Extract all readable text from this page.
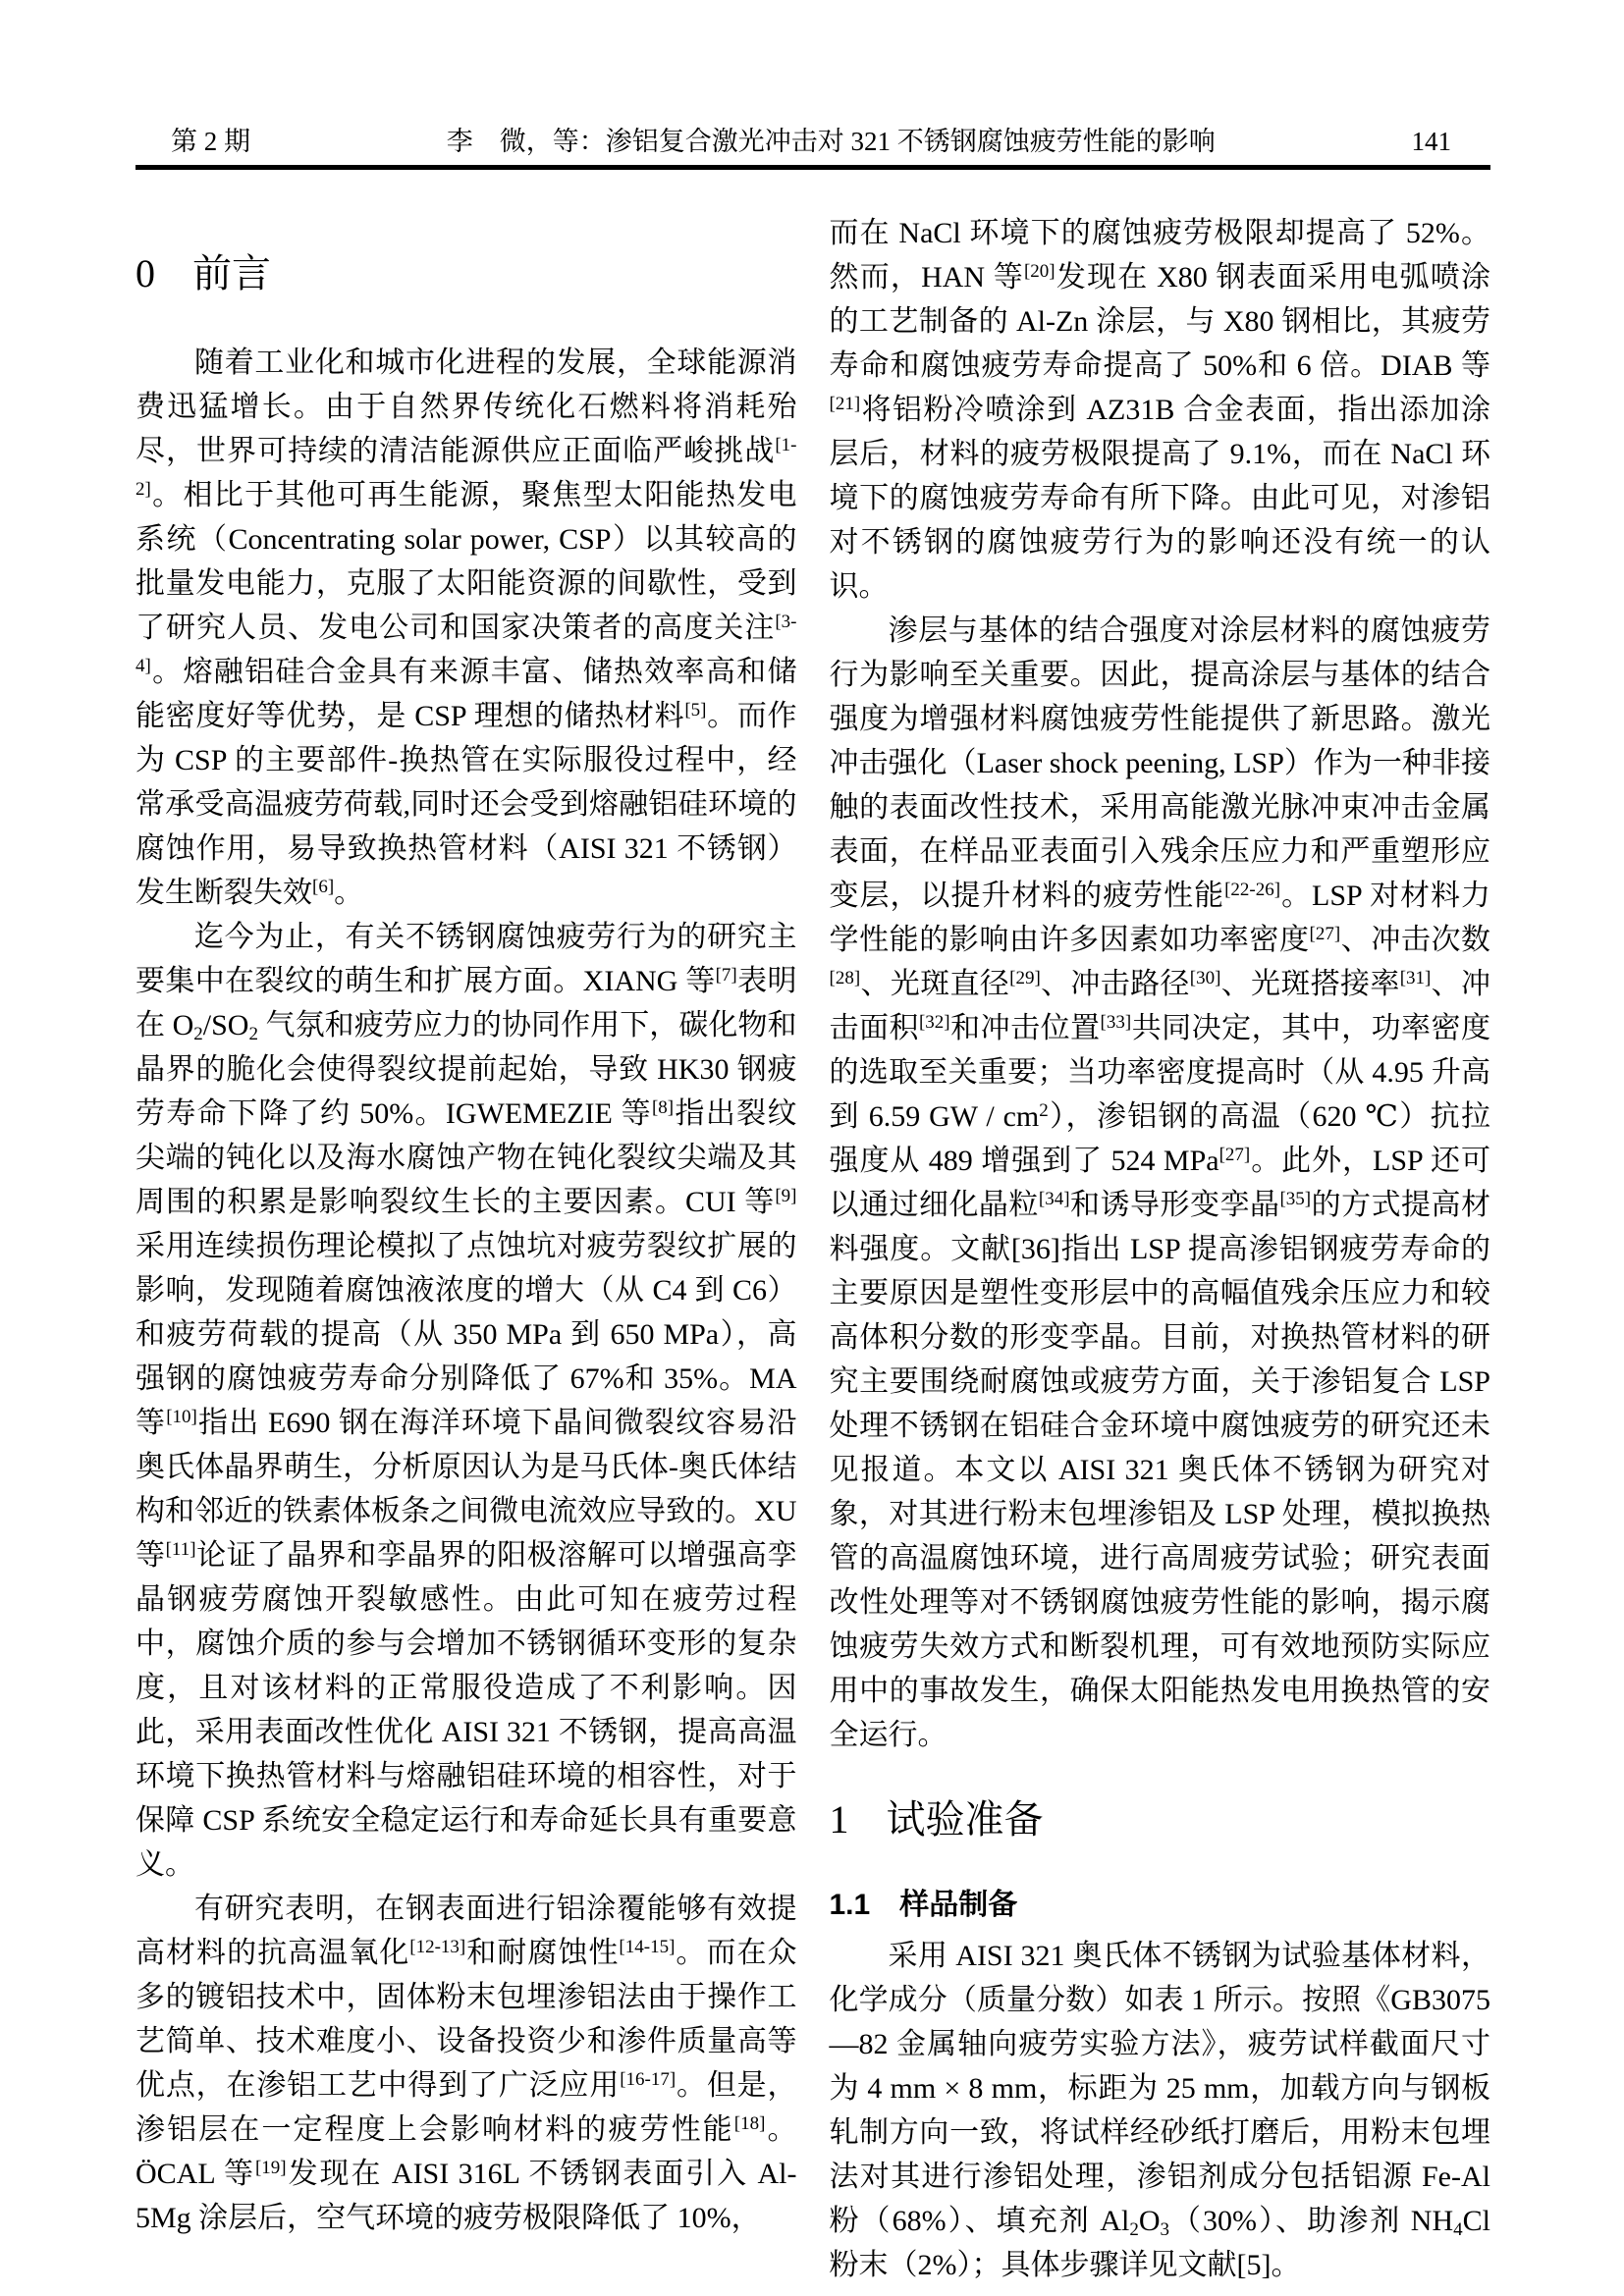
第 2 期	李　微，等：渗铝复合激光冲击对 321 不锈钢腐蚀疲劳性能的影响	141
0 前言

随着工业化和城市化进程的发展，全球能源消费迅猛增长。由于自然界传统化石燃料将消耗殆尽，世界可持续的清洁能源供应正面临严峻挑战[1-2]。相比于其他可再生能源，聚焦型太阳能热发电系统（Concentrating solar power, CSP）以其较高的批量发电能力，克服了太阳能资源的间歇性，受到了研究人员、发电公司和国家决策者的高度关注[3-4]。熔融铝硅合金具有来源丰富、储热效率高和储能密度好等优势，是 CSP 理想的储热材料[5]。而作为 CSP 的主要部件-换热管在实际服役过程中，经常承受高温疲劳荷载,同时还会受到熔融铝硅环境的腐蚀作用，易导致换热管材料（AISI 321 不锈钢）发生断裂失效[6]。

迄今为止，有关不锈钢腐蚀疲劳行为的研究主要集中在裂纹的萌生和扩展方面。XIANG 等[7]表明在 $O_2/SO_2$ 气氛和疲劳应力的协同作用下，碳化物和晶界的脆化会使得裂纹提前起始，导致 HK30 钢疲劳寿命下降了约 50%。IGWEMEZIE 等[8]指出裂纹尖端的钝化以及海水腐蚀产物在钝化裂纹尖端及其周围的积累是影响裂纹生长的主要因素。CUI 等[9]采用连续损伤理论模拟了点蚀坑对疲劳裂纹扩展的影响，发现随着腐蚀液浓度的增大（从 C4 到 C6）和疲劳荷载的提高（从 350 MPa 到 650 MPa），高强钢的腐蚀疲劳寿命分别降低了 67%和 35%。MA 等[10]指出 E690 钢在海洋环境下晶间微裂纹容易沿奥氏体晶界萌生，分析原因认为是马氏体-奥氏体结构和邻近的铁素体板条之间微电流效应导致的。XU 等[11]论证了晶界和孪晶界的阳极溶解可以增强高孪晶钢疲劳腐蚀开裂敏感性。由此可知在疲劳过程中，腐蚀介质的参与会增加不锈钢循环变形的复杂度，且对该材料的正常服役造成了不利影响。因此，采用表面改性优化 AISI 321 不锈钢，提高高温环境下换热管材料与熔融铝硅环境的相容性，对于保障 CSP 系统安全稳定运行和寿命延长具有重要意义。

有研究表明，在钢表面进行铝涂覆能够有效提高材料的抗高温氧化[12-13]和耐腐蚀性[14-15]。而在众多的镀铝技术中，固体粉末包埋渗铝法由于操作工艺简单、技术难度小、设备投资少和渗件质量高等优点，在渗铝工艺中得到了广泛应用[16-17]。但是，渗铝层在一定程度上会影响材料的疲劳性能[18]。ÖCAL 等[19]发现在 AISI 316L 不锈钢表面引入 Al-5Mg 涂层后，空气环境的疲劳极限降低了 10%，

而在 NaCl 环境下的腐蚀疲劳极限却提高了 52%。然而，HAN 等[20]发现在 X80 钢表面采用电弧喷涂的工艺制备的 Al-Zn 涂层，与 X80 钢相比，其疲劳寿命和腐蚀疲劳寿命提高了 50%和 6 倍。DIAB 等[21]将铝粉冷喷涂到 AZ31B 合金表面，指出添加涂层后，材料的疲劳极限提高了 9.1%，而在 NaCl 环境下的腐蚀疲劳寿命有所下降。由此可见，对渗铝对不锈钢的腐蚀疲劳行为的影响还没有统一的认识。

渗层与基体的结合强度对涂层材料的腐蚀疲劳行为影响至关重要。因此，提高涂层与基体的结合强度为增强材料腐蚀疲劳性能提供了新思路。激光冲击强化（Laser shock peening, LSP）作为一种非接触的表面改性技术，采用高能激光脉冲束冲击金属表面，在样品亚表面引入残余压应力和严重塑形应变层，以提升材料的疲劳性能[22-26]。LSP 对材料力学性能的影响由许多因素如功率密度[27]、冲击次数[28]、光斑直径[29]、冲击路径[30]、光斑搭接率[31]、冲击面积[32]和冲击位置[33]共同决定，其中，功率密度的选取至关重要；当功率密度提高时（从 4.95 升高到 6.59 GW / $cm^2$），渗铝钢的高温（620 ℃）抗拉强度从 489 增强到了 524 MPa[27]。此外，LSP 还可以通过细化晶粒[34]和诱导形变孪晶[35]的方式提高材料强度。文献[36]指出 LSP 提高渗铝钢疲劳寿命的主要原因是塑性变形层中的高幅值残余压应力和较高体积分数的形变孪晶。目前，对换热管材料的研究主要围绕耐腐蚀或疲劳方面，关于渗铝复合 LSP 处理不锈钢在铝硅合金环境中腐蚀疲劳的研究还未见报道。本文以 AISI 321 奥氏体不锈钢为研究对象，对其进行粉末包埋渗铝及 LSP 处理，模拟换热管的高温腐蚀环境，进行高周疲劳试验；研究表面改性处理等对不锈钢腐蚀疲劳性能的影响，揭示腐蚀疲劳失效方式和断裂机理，可有效地预防实际应用中的事故发生，确保太阳能热发电用换热管的安全运行。

1 试验准备
1.1 样品制备

采用 AISI 321 奥氏体不锈钢为试验基体材料，化学成分（质量分数）如表 1 所示。按照《GB3075—82 金属轴向疲劳实验方法》，疲劳试样截面尺寸为 4 mm × 8 mm，标距为 25 mm，加载方向与钢板轧制方向一致，将试样经砂纸打磨后，用粉末包埋法对其进行渗铝处理，渗铝剂成分包括铝源 Fe-Al 粉（68%）、填充剂 $Al_2O_3(30\%)$、助渗剂 $NH_4Cl$ 粉末（2%）；具体步骤详见文献[5]。
